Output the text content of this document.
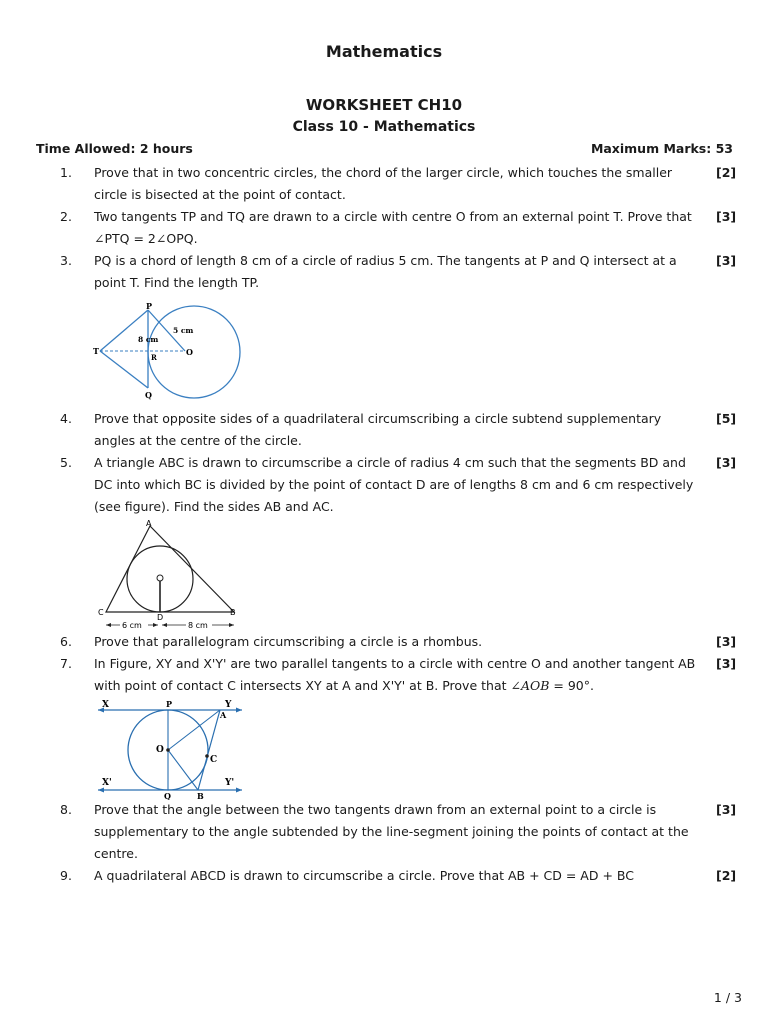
Mathematics
WORKSHEET CH10
Class 10 - Mathematics
Time Allowed: 2 hours	Maximum Marks: 53
1. Prove that in two concentric circles, the chord of the larger circle, which touches the smaller circle is bisected at the point of contact.
[2]
2. Two tangents TP and TQ are drawn to a circle with centre O from an external point T. Prove that ∠PTQ = 2∠OPQ.
[3]
3. PQ is a chord of length 8 cm of a circle of radius 5 cm. The tangents at P and Q intersect at a point T. Find the length TP.
[3]
P
Q
T	O
R
5 cm
8 cm
4. Prove that opposite sides of a quadrilateral circumscribing a circle subtend supplementary angles at the centre of the circle.
[5]
5. A triangle ABC is drawn to circumscribe a circle of radius 4 cm such that the segments BD and DC into which BC is divided by the point of contact D are of lengths 8 cm and 6 cm respectively (see figure). Find the sides AB and AC.
[3]
A
C	B
D
6 cm	8 cm
6. Prove that parallelogram circumscribing a circle is a rhombus.	[3]
7. In Figure, XY and X'Y' are two parallel tangents to a circle with centre O and another tangent AB with point of contact C intersects XY at A and X'Y' at B. Prove that ∠AOB = 90°.
[3]
X	Y
X'	Y'
P
A
O
C
Q	B
8. Prove that the angle between the two tangents drawn from an external point to a circle is supplementary to the angle subtended by the line-segment joining the points of contact at the centre.
[3]
9. A quadrilateral ABCD is drawn to circumscribe a circle. Prove that AB + CD = AD + BC	[2]
1 / 3
